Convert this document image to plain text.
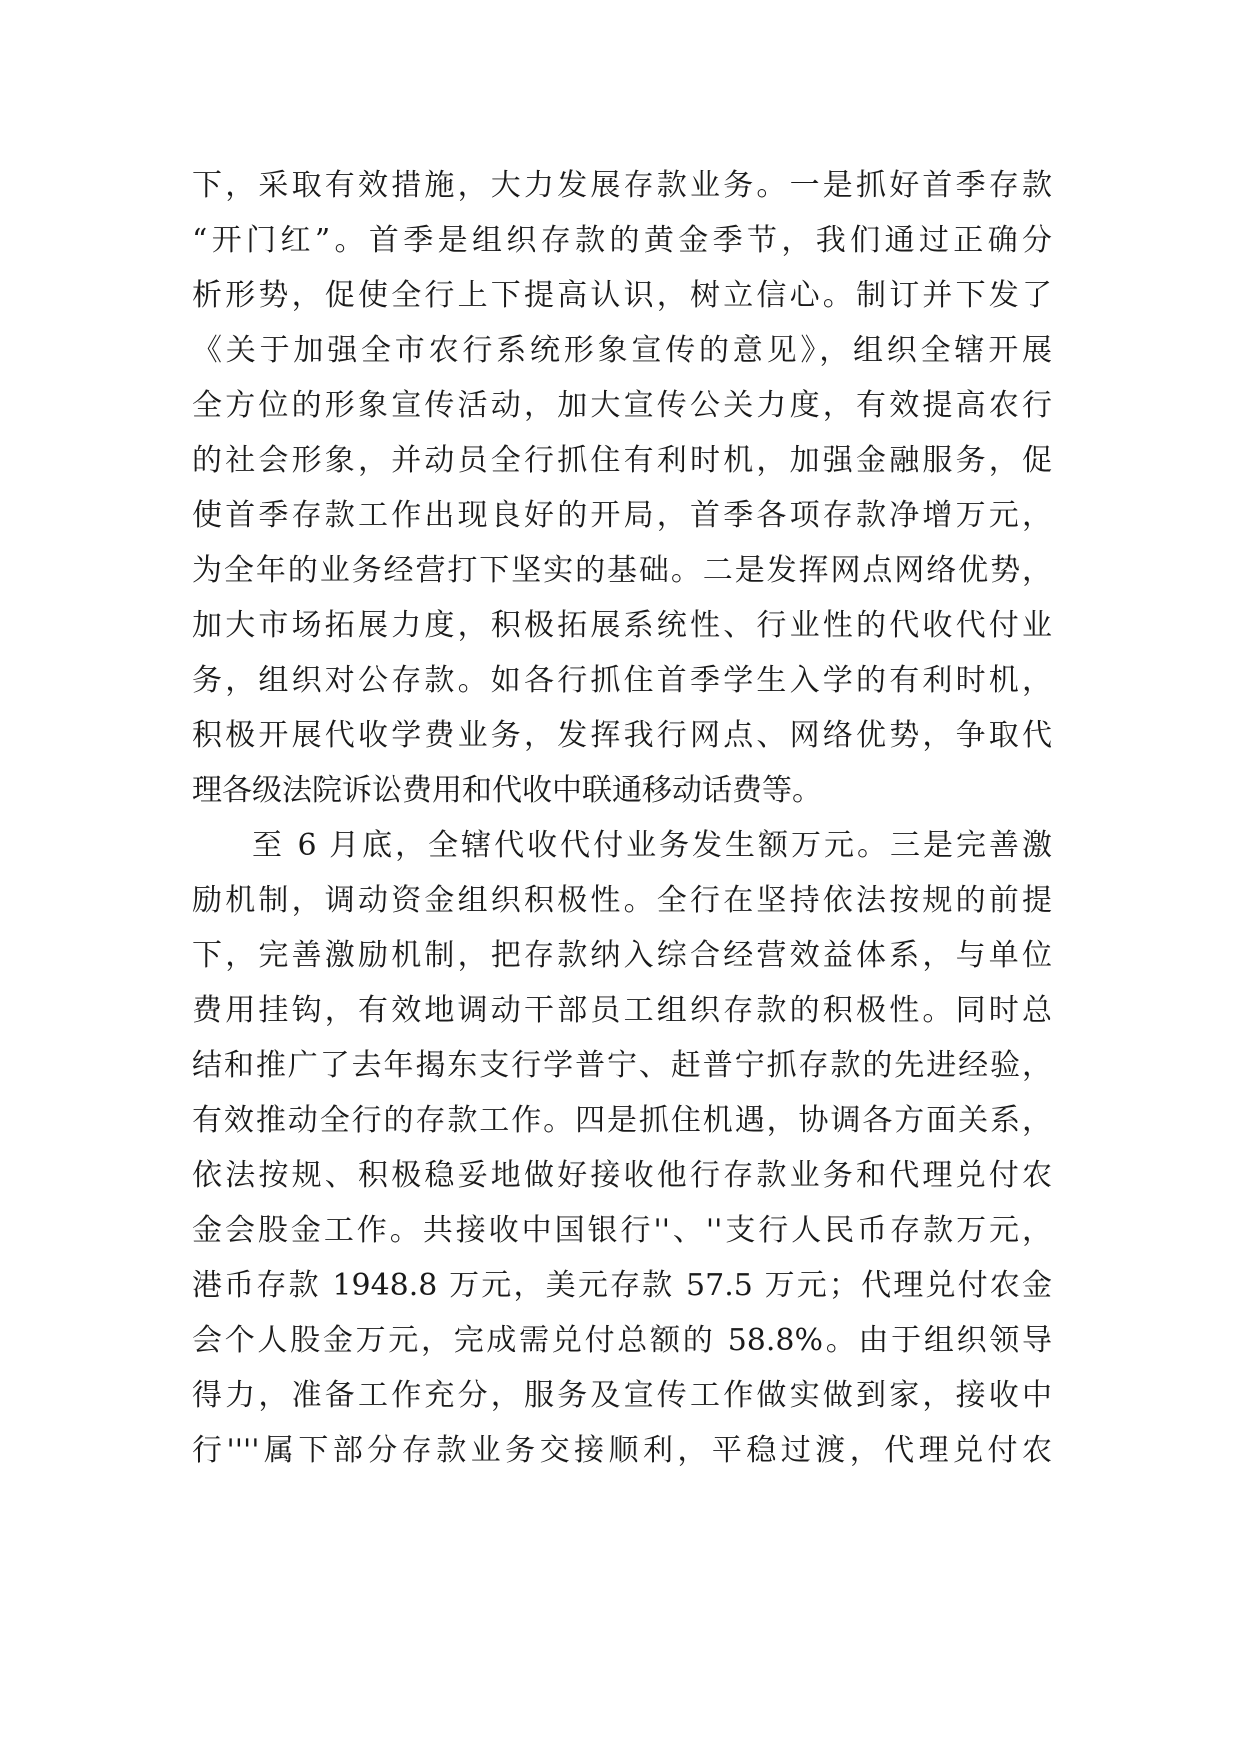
下，采取有效措施，大力发展存款业务。一是抓好首季存款
“开门红”。首季是组织存款的黄金季节，我们通过正确分
析形势，促使全行上下提高认识，树立信心。制订并下发了
《关于加强全市农行系统形象宣传的意见》，组织全辖开展
全方位的形象宣传活动，加大宣传公关力度，有效提高农行
的社会形象，并动员全行抓住有利时机，加强金融服务，促
使首季存款工作出现良好的开局，首季各项存款净增万元，
为全年的业务经营打下坚实的基础。二是发挥网点网络优势，
加大市场拓展力度，积极拓展系统性、行业性的代收代付业
务，组织对公存款。如各行抓住首季学生入学的有利时机，
积极开展代收学费业务，发挥我行网点、网络优势，争取代
理各级法院诉讼费用和代收中联通移动话费等。
至 6 月底，全辖代收代付业务发生额万元。三是完善激
励机制，调动资金组织积极性。全行在坚持依法按规的前提
下，完善激励机制，把存款纳入综合经营效益体系，与单位
费用挂钩，有效地调动干部员工组织存款的积极性。同时总
结和推广了去年揭东支行学普宁、赶普宁抓存款的先进经验，
有效推动全行的存款工作。四是抓住机遇，协调各方面关系，
依法按规、积极稳妥地做好接收他行存款业务和代理兑付农
金会股金工作。共接收中国银行''、''支行人民币存款万元，
港币存款 1948.8 万元，美元存款 57.5 万元；代理兑付农金
会个人股金万元，完成需兑付总额的 58.8%。由于组织领导
得力，准备工作充分，服务及宣传工作做实做到家，接收中
行''''属下部分存款业务交接顺利，平稳过渡，代理兑付农
